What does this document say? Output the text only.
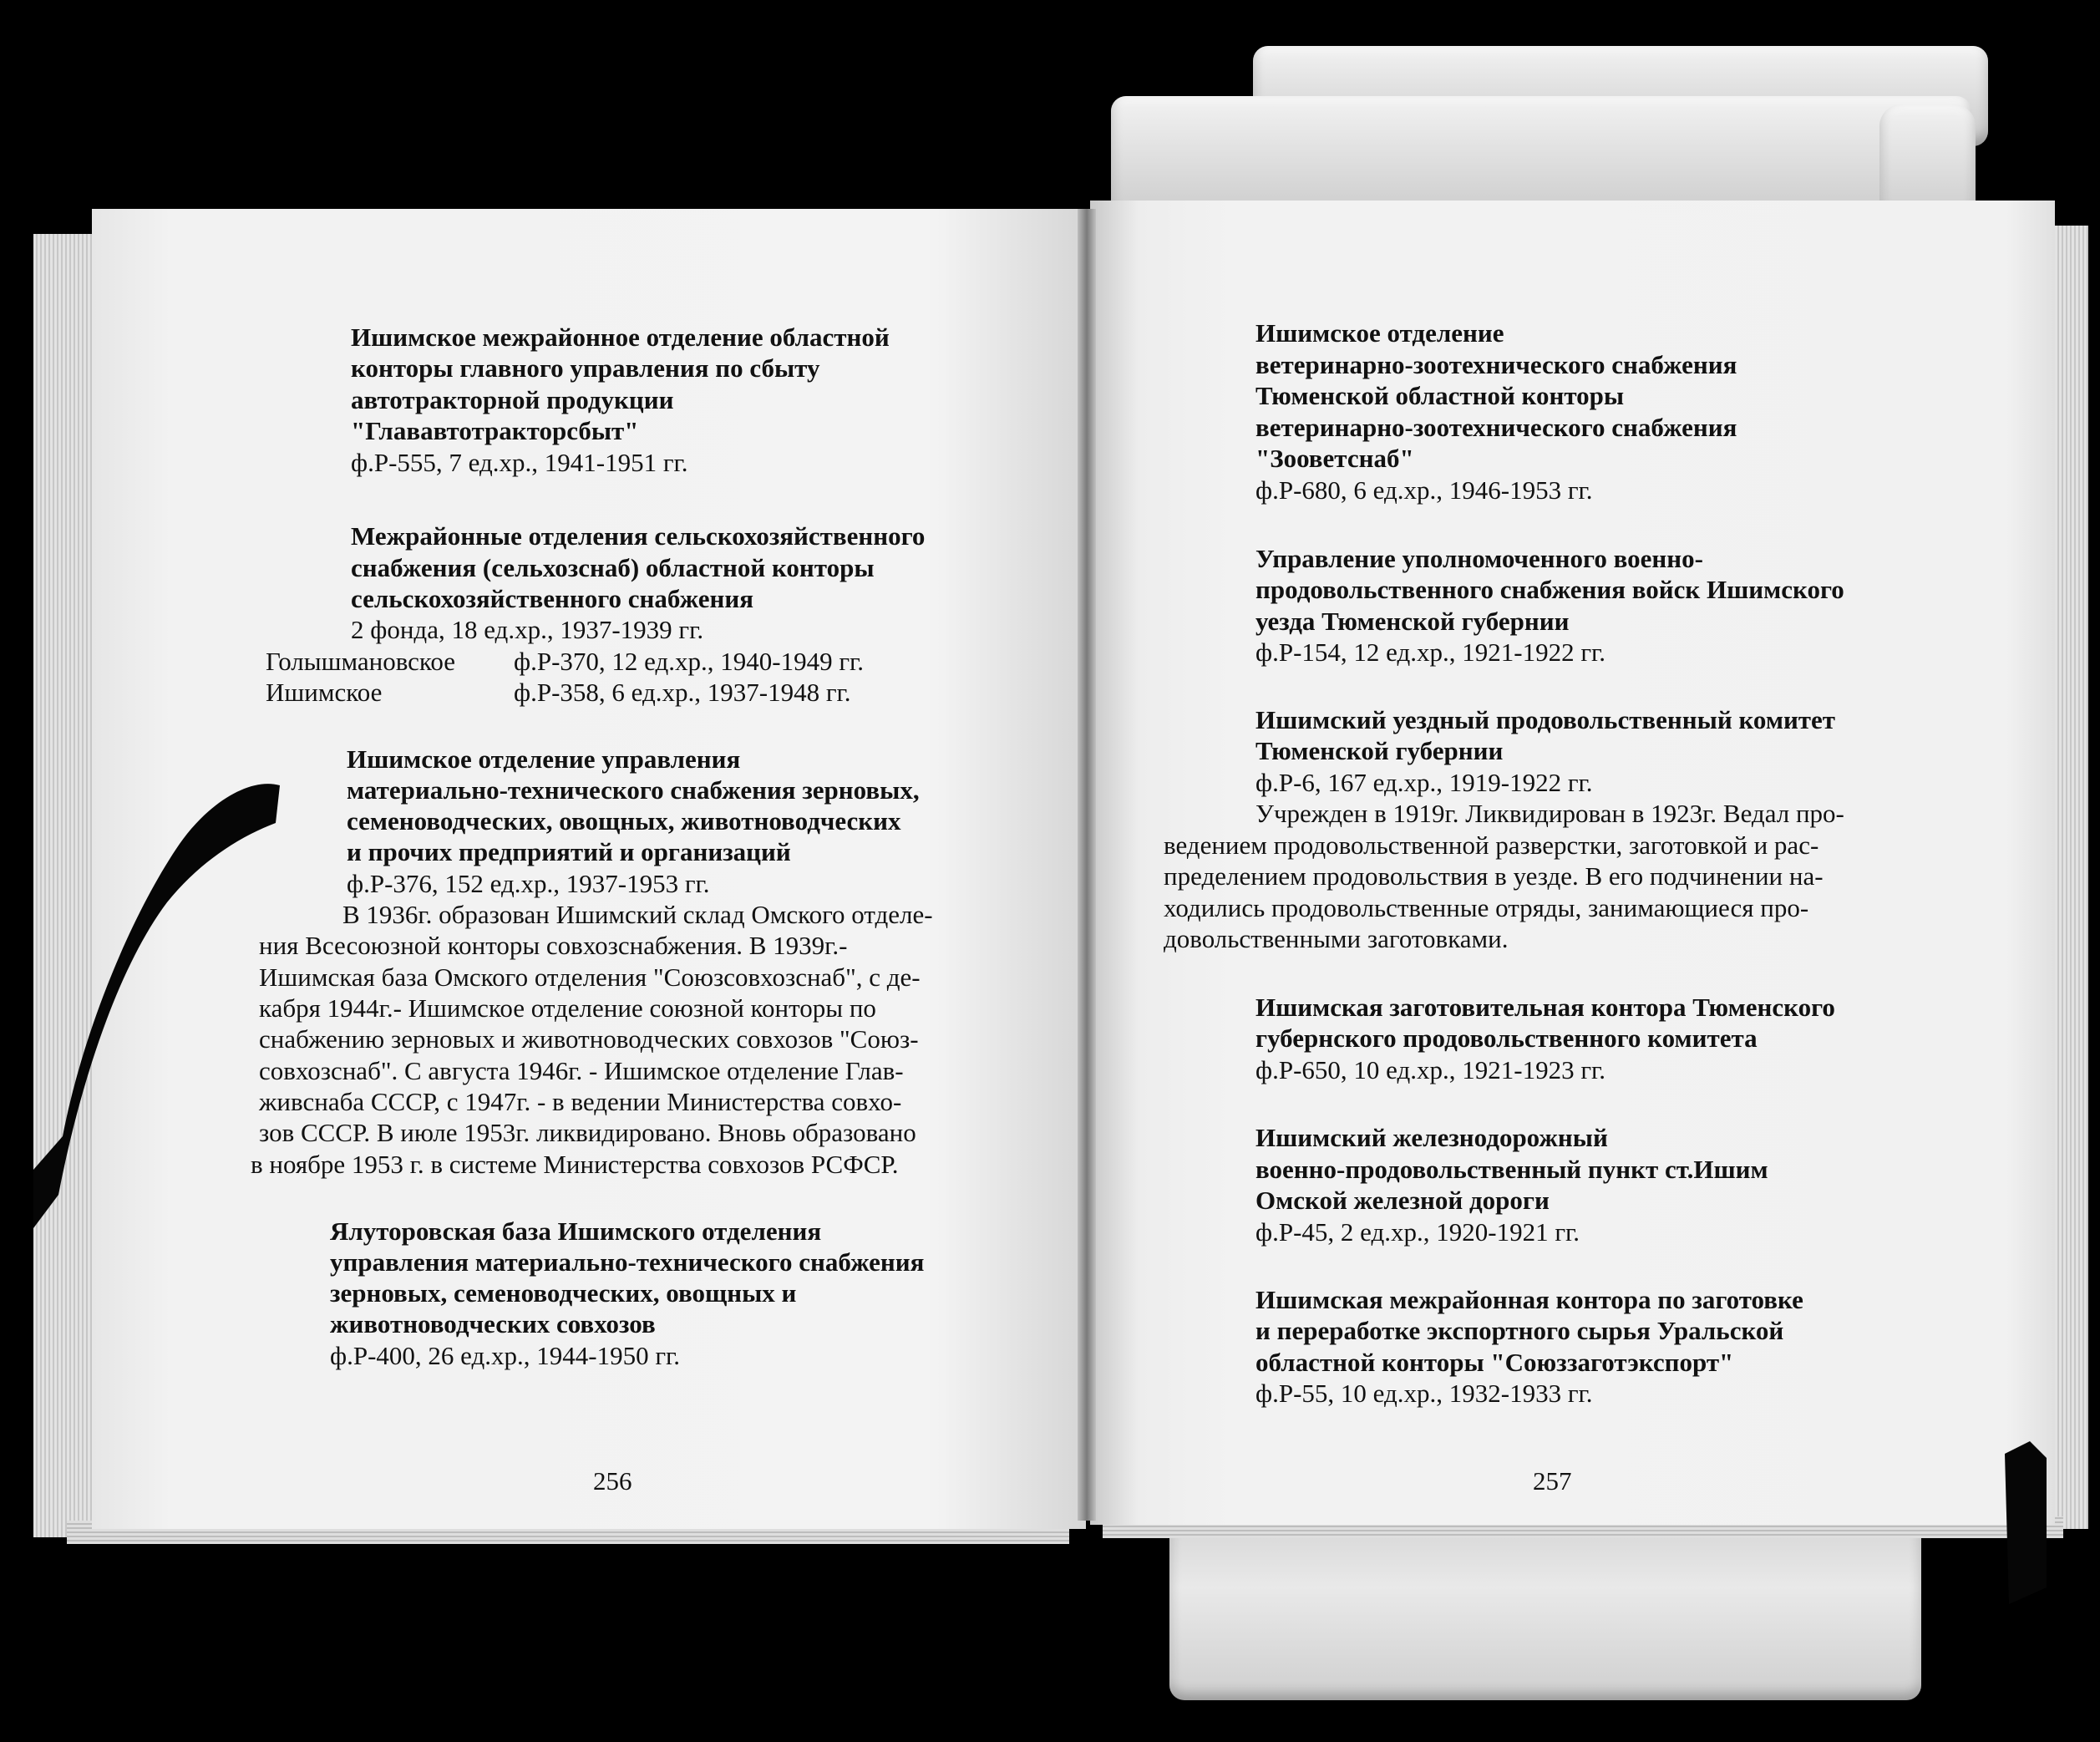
Ишимское межрайонное отделение областной
конторы главного управления по сбыту
автотракторной продукции
"Глававтотракторсбыт"
ф.Р-555, 7 ед.хр., 1941-1951 гг.
Межрайонные отделения сельскохозяйственного
снабжения (сельхозснаб) областной конторы
сельскохозяйственного снабжения
2 фонда, 18 ед.хр., 1937-1939 гг.
Голышмановское ф.Р-370, 12 ед.хр., 1940-1949 гг.
Ишимское	ф.Р-358, 6 ед.хр., 1937-1948 гг.
Ишимское отделение управления
материально-технического снабжения зерновых,
семеноводческих, овощных, животноводческих
и прочих предприятий и организаций
ф.Р-376, 152 ед.хр., 1937-1953 гг.
В 1936г. образован Ишимский склад Омского отделе-
ния Всесоюзной конторы совхозснабжения. В 1939г.-
Ишимская база Омского отделения "Союзсовхозснаб", с де-
кабря 1944г.- Ишимское отделение союзной конторы по
снабжению зерновых и животноводческих совхозов "Союз-
совхозснаб". С августа 1946г. - Ишимское отделение Глав-
живснаба СССР, с 1947г. - в ведении Министерства совхо-
зов СССР. В июле 1953г. ликвидировано. Вновь образовано
в ноябре 1953 г. в системе Министерства совхозов РСФСР.
Ялуторовская база Ишимского отделения
управления материально-технического снабжения
зерновых, семеноводческих, овощных и
животноводческих совхозов
ф.Р-400, 26 ед.хр., 1944-1950 гг.
256
Ишимское отделение
ветеринарно-зоотехнического снабжения
Тюменской областной конторы
ветеринарно-зоотехнического снабжения
"Зооветснаб"
ф.Р-680, 6 ед.хр., 1946-1953 гг.
Управление уполномоченного военно-
продовольственного снабжения войск Ишимского
уезда Тюменской губернии
ф.Р-154, 12 ед.хр., 1921-1922 гг.
Ишимский уездный продовольственный комитет
Тюменской губернии
ф.Р-6, 167 ед.хр., 1919-1922 гг.
Учрежден в 1919г. Ликвидирован в 1923г. Ведал про-
ведением продовольственной разверстки, заготовкой и рас-
пределением продовольствия в уезде. В его подчинении на-
ходились продовольственные отряды, занимающиеся про-
довольственными заготовками.
Ишимская заготовительная контора Тюменского
губернского продовольственного комитета
ф.Р-650, 10 ед.хр., 1921-1923 гг.
Ишимский железнодорожный
военно-продовольственный пункт ст.Ишим
Омской железной дороги
ф.Р-45, 2 ед.хр., 1920-1921 гг.
Ишимская межрайонная контора по заготовке
и переработке экспортного сырья Уральской
областной конторы "Союззаготэкспорт"
ф.Р-55, 10 ед.хр., 1932-1933 гг.
257
